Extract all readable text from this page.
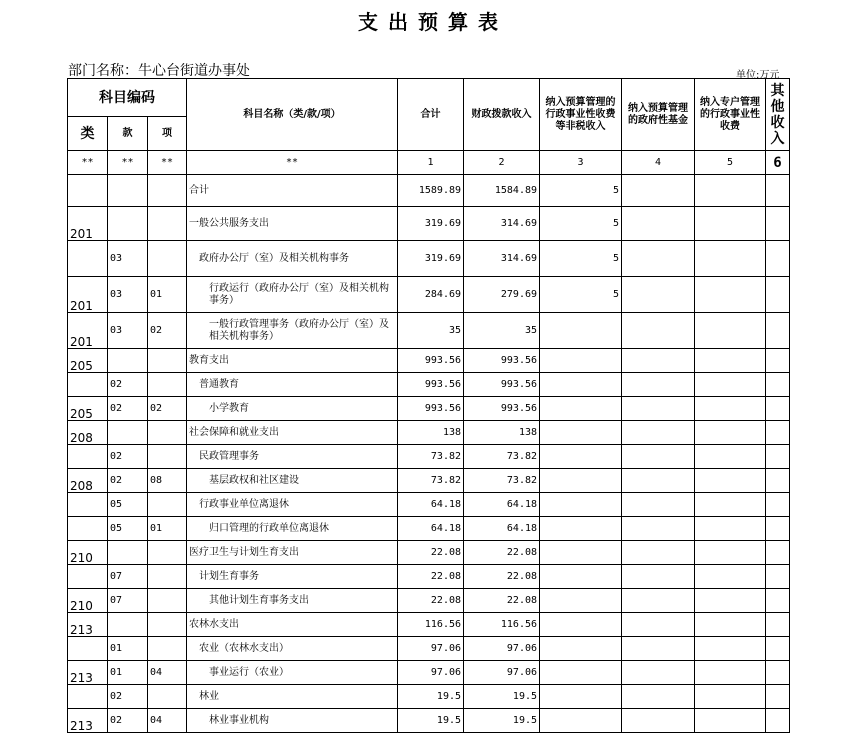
支出预算表
部门名称：牛心台街道办事处	单位:万元
科目编码			科目名称（类/款/项）	合计	财政拨款收入	纳入预算管理的行政事业性收费等非税收入	纳入预算管理的政府性基金	纳入专户管理的行政事业性收费	其他收入
类	款	项							
**	**	**	**	1	2	3	4	5	6
			合计	1589.89	1584.89	5			
201			一般公共服务支出	319.69	314.69	5			
	03		政府办公厅（室）及相关机构事务	319.69	314.69	5			
201	03	01	行政运行（政府办公厅（室）及相关机构事务）	284.69	279.69	5			
201	03	02	一般行政管理事务（政府办公厅（室）及相关机构事务）	35	35				
205			教育支出	993.56	993.56				
	02		普通教育	993.56	993.56				
205	02	02	小学教育	993.56	993.56				
208			社会保障和就业支出	138	138				
	02		民政管理事务	73.82	73.82				
208	02	08	基层政权和社区建设	73.82	73.82				
	05		行政事业单位离退休	64.18	64.18				
	05	01	归口管理的行政单位离退休	64.18	64.18				
210			医疗卫生与计划生育支出	22.08	22.08				
	07		计划生育事务	22.08	22.08				
210	07		其他计划生育事务支出	22.08	22.08				
213			农林水支出	116.56	116.56				
	01		农业（农林水支出）	97.06	97.06				
213	01	04	事业运行（农业）	97.06	97.06				
	02		林业	19.5	19.5				
213	02	04	林业事业机构	19.5	19.5				
